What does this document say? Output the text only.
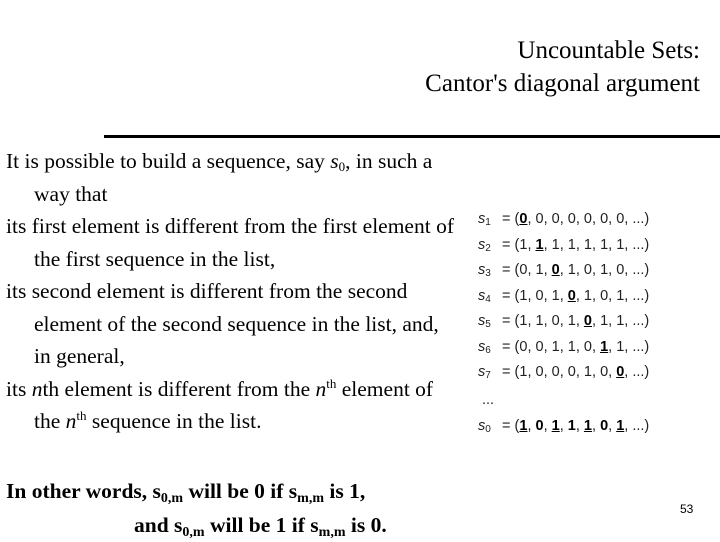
Uncountable Sets:
Cantor's diagonal argument

It is possible to build a sequence, say $s_0$, in such a way that

its first element is different from the first element of the first sequence in the list,

its second element is different from the second element of the second sequence in the list, and, in general,

its nth element is different from the $n^{th}$ element of the $n^{th}$ sequence in the list.

In other words, $s_{0,m}$ will be 0 if $s_{m,m}$ is 1,
and $s_{0,m}$ will be 1 if $s_{m,m}$ is 0.
$s_1 = (0$, 0, 0, 0, 0, 0, 0, ...)
$s_2 = (1$, 1, 1, 1, 1, 1, 1, ...)
$s_3 = (0$, 1, 0, 1, 0, 1, 0, ...)
$s_4 = (1$, 0, 1, 0, 1, 0, 1, ...)
$s_5 = (1$, 1, 0, 1, 0, 1, 1, ...)
$s_6 = (0$, 0, 1, 1, 0, 1, 1, ...)
$s_7 = (1$, 0, 0, 0, 1, 0, 0, ...)
...
$s_0 = (1$, 0, 1, 1, 1, 0, 1, ...)
53
